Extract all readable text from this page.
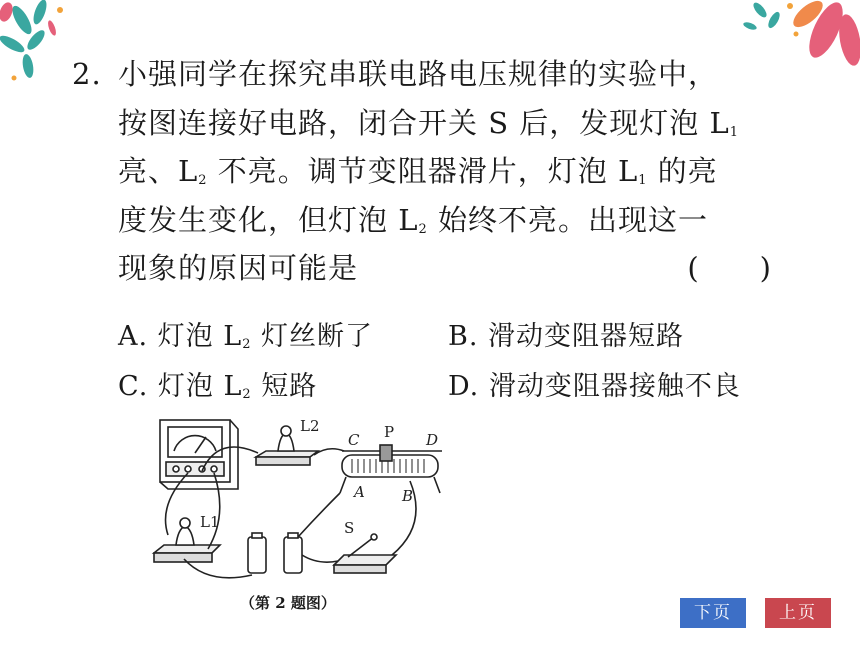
2. 小强同学在探究串联电路电压规律的实验中，
按图连接好电路，闭合开关 S 后，发现灯泡 $L_1$
亮、$L_2$ 不亮。调节变阻器滑片，灯泡 $L_1$ 的亮
度发生变化，但灯泡 $L_2$ 始终不亮。出现这一
现象的原因可能是	(　　)
A. 灯泡 $L_2$ 灯丝断了	B. 滑动变阻器短路
C. 灯泡 $L_2$ 短路	D. 滑动变阻器接触不良
L2
L1
C P D
A B
S
（第 2 题图）	下页	上页
